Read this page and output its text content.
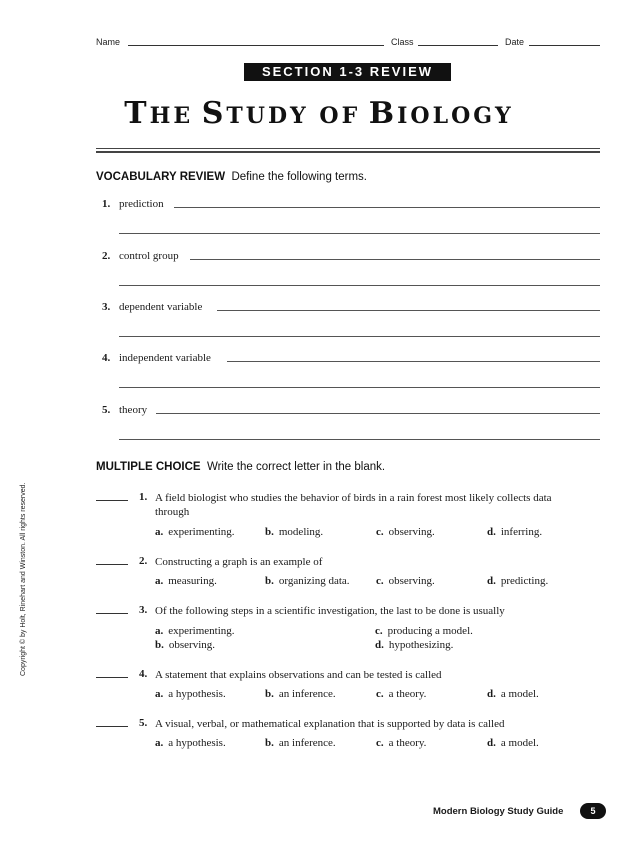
Name	Class	Date
SECTION 1-3 REVIEW
THE STUDY OF BIOLOGY
VOCABULARY REVIEW Define the following terms.
1. prediction
2. control group
3. dependent variable
4. independent variable
5. theory
MULTIPLE CHOICE Write the correct letter in the blank.
1. A field biologist who studies the behavior of birds in a rain forest most likely collects data through
a. experimenting.	b. modeling.	c. observing.	d. inferring.
2. Constructing a graph is an example of
a. measuring.	b. organizing data. c. observing.	d. predicting.
3. Of the following steps in a scientific investigation, the last to be done is usually
a. experimenting.
b. observing.
c. producing a model.
d. hypothesizing.
4. A statement that explains observations and can be tested is called
a. a hypothesis.	b. an inference.	c. a theory.	d. a model.
5. A visual, verbal, or mathematical explanation that is supported by data is called
a. a hypothesis.	b. an inference.	c. a theory.	d. a model.
Copyright © by Holt, Rinehart and Winston. All rights reserved.
Modern Biology Study Guide	5
